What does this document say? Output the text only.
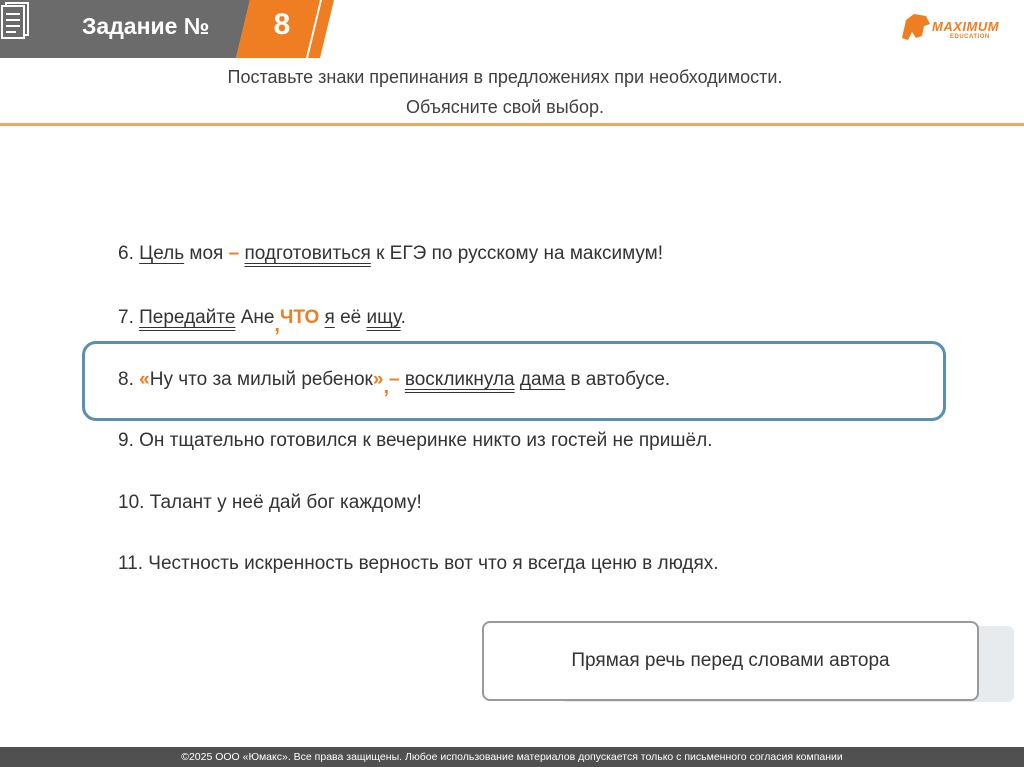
Задание №	8	MAXIMUM
EDUCATION
Поставьте знаки препинания в предложениях при необходимости.
Объясните свой выбор.
6. Цель моя – подготовиться к ЕГЭ по русскому на максимум!
7. Передайте Ане,ЧТО я её ищу.
8. «Ну что за милый ребенок»,– воскликнула дама в автобусе.
9. Он тщательно готовился к вечеринке никто из гостей не пришёл.
10. Талант у неё дай бог каждому!
11. Честность искренность верность вот что я всегда ценю в людях.
Прямая речь перед словами автора
©2025 ООО «Юмакс». Все права защищены. Любое использование материалов допускается только с письменного согласия компании
